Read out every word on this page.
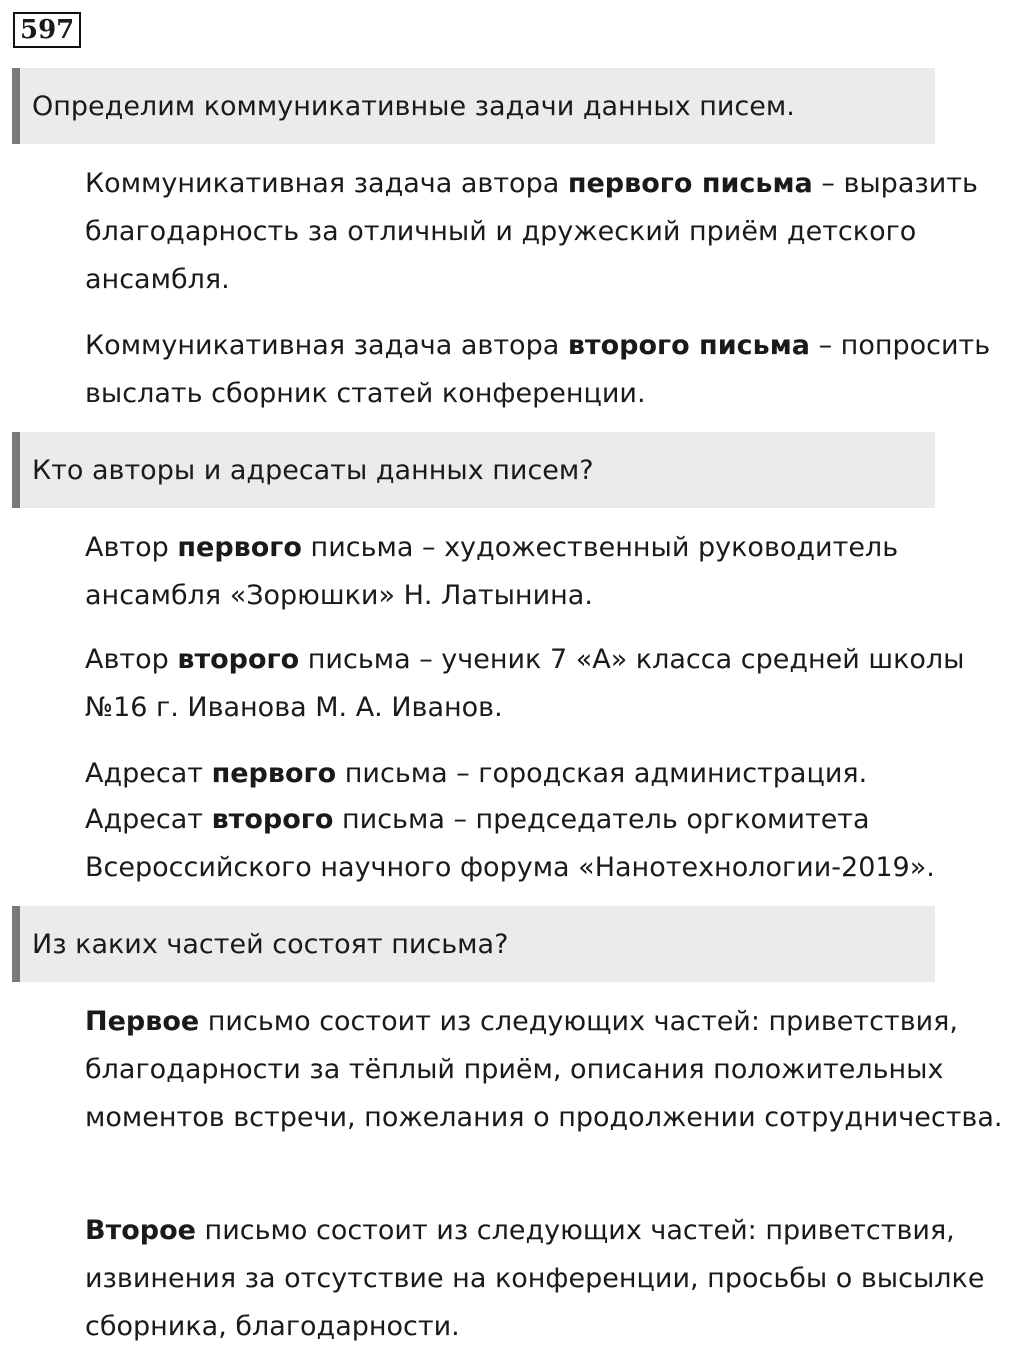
597
Определим коммуникативные задачи данных писем.

Коммуникативная задача автора первого письма – выразить благодарность за отличный и дружеский приём детского ансамбля.

Коммуникативная задача автора второго письма – попросить выслать сборник статей конференции.

Кто авторы и адресаты данных писем?

Автор первого письма – художественный руководитель ансамбля «Зорюшки» Н. Латынина.

Автор второго письма – ученик 7 «А» класса средней школы №16 г. Иванова М. А. Иванов.

Адресат первого письма – городская администрация.

Адресат второго письма – председатель оргкомитета Всероссийского научного форума «Нанотехнологии-2019».

Из каких частей состоят письма?

Первое письмо состоит из следующих частей: приветствия, благодарности за тёплый приём, описания положительных моментов встречи, пожелания о продолжении сотрудничества.

Второе письмо состоит из следующих частей: приветствия, извинения за отсутствие на конференции, просьбы о высылке сборника, благодарности.
